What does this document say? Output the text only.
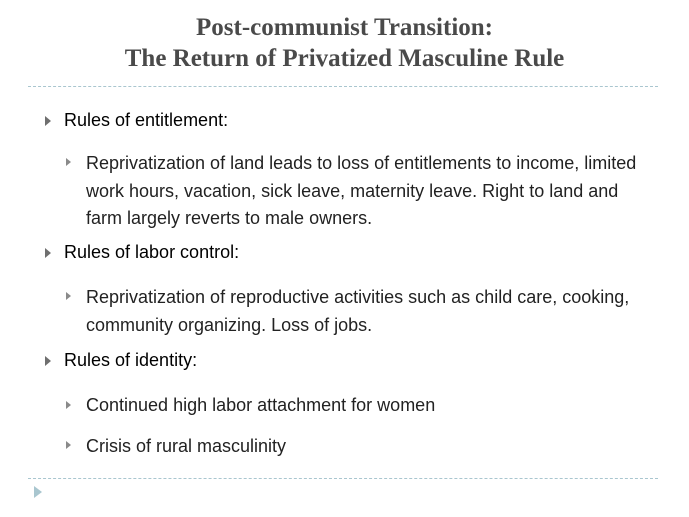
Post-communist Transition:
The Return of Privatized Masculine Rule
Rules of entitlement:
Reprivatization of land leads to loss of entitlements to income, limited work hours, vacation, sick leave, maternity leave. Right to land and farm largely reverts to male owners.
Rules of labor control:
Reprivatization of reproductive activities such as child care, cooking, community organizing. Loss of jobs.
Rules of identity:
Continued high labor attachment for women
Crisis of rural masculinity
